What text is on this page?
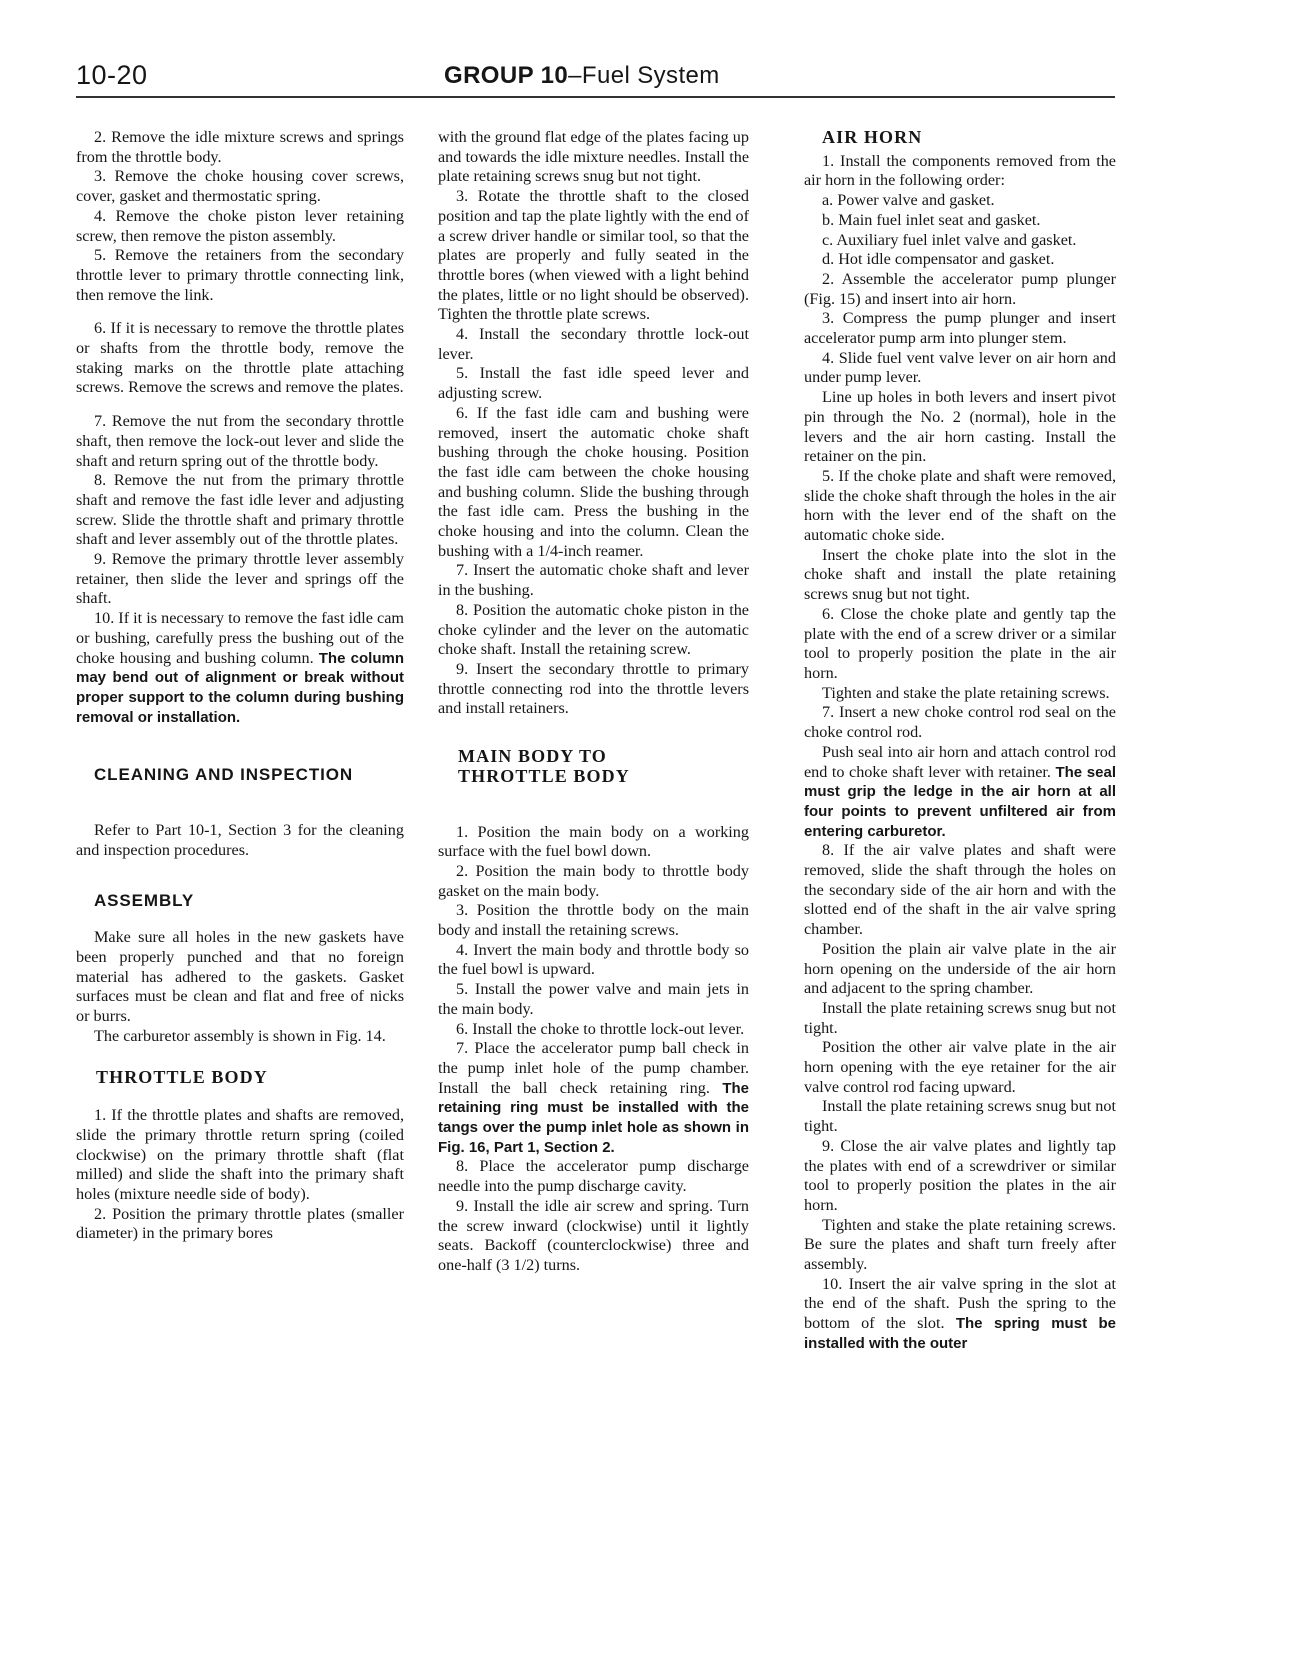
10-20	GROUP 10–Fuel System

2. Remove the idle mixture screws and springs from the throttle body.

3. Remove the choke housing cover screws, cover, gasket and thermostatic spring.

4. Remove the choke piston lever retaining screw, then remove the piston assembly.

5. Remove the retainers from the secondary throttle lever to primary throttle connecting link, then remove the link.

6. If it is necessary to remove the throttle plates or shafts from the throttle body, remove the staking marks on the throttle plate attaching screws. Remove the screws and remove the plates.

7. Remove the nut from the secondary throttle shaft, then remove the lock-out lever and slide the shaft and return spring out of the throttle body.

8. Remove the nut from the primary throttle shaft and remove the fast idle lever and adjusting screw. Slide the throttle shaft and primary throttle shaft and lever assembly out of the throttle plates.

9. Remove the primary throttle lever assembly retainer, then slide the lever and springs off the shaft.

10. If it is necessary to remove the fast idle cam or bushing, carefully press the bushing out of the choke housing and bushing column. The column may bend out of alignment or break without proper support to the column during bushing removal or installation.

CLEANING AND INSPECTION

Refer to Part 10-1, Section 3 for the cleaning and inspection procedures.

ASSEMBLY

Make sure all holes in the new gaskets have been properly punched and that no foreign material has adhered to the gaskets. Gasket surfaces must be clean and flat and free of nicks or burrs.

The carburetor assembly is shown in Fig. 14.

THROTTLE BODY

1. If the throttle plates and shafts are removed, slide the primary throttle return spring (coiled clockwise) on the primary throttle shaft (flat milled) and slide the shaft into the primary shaft holes (mixture needle side of body).

2. Position the primary throttle plates (smaller diameter) in the primary bores

with the ground flat edge of the plates facing up and towards the idle mixture needles. Install the plate retaining screws snug but not tight.

3. Rotate the throttle shaft to the closed position and tap the plate lightly with the end of a screw driver handle or similar tool, so that the plates are properly and fully seated in the throttle bores (when viewed with a light behind the plates, little or no light should be observed). Tighten the throttle plate screws.

4. Install the secondary throttle lock-out lever.

5. Install the fast idle speed lever and adjusting screw.

6. If the fast idle cam and bushing were removed, insert the automatic choke shaft bushing through the choke housing. Position the fast idle cam between the choke housing and bushing column. Slide the bushing through the fast idle cam. Press the bushing in the choke housing and into the column. Clean the bushing with a 1/4-inch reamer.

7. Insert the automatic choke shaft and lever in the bushing.

8. Position the automatic choke piston in the choke cylinder and the lever on the automatic choke shaft. Install the retaining screw.

9. Insert the secondary throttle to primary throttle connecting rod into the throttle levers and install retainers.

MAIN BODY TO

THROTTLE BODY

1. Position the main body on a working surface with the fuel bowl down.

2. Position the main body to throttle body gasket on the main body.

3. Position the throttle body on the main body and install the retaining screws.

4. Invert the main body and throttle body so the fuel bowl is upward.

5. Install the power valve and main jets in the main body.

6. Install the choke to throttle lock-out lever.

7. Place the accelerator pump ball check in the pump inlet hole of the pump chamber. Install the ball check retaining ring. The retaining ring must be installed with the tangs over the pump inlet hole as shown in Fig. 16, Part 1, Section 2.

8. Place the accelerator pump discharge needle into the pump discharge cavity.

9. Install the idle air screw and spring. Turn the screw inward (clockwise) until it lightly seats. Backoff (counterclockwise) three and one-half (3 1/2) turns.

AIR HORN

1. Install the components removed from the air horn in the following order:

a. Power valve and gasket.

b. Main fuel inlet seat and gasket.

c. Auxiliary fuel inlet valve and gasket.

d. Hot idle compensator and gasket.

2. Assemble the accelerator pump plunger (Fig. 15) and insert into air horn.

3. Compress the pump plunger and insert accelerator pump arm into plunger stem.

4. Slide fuel vent valve lever on air horn and under pump lever.

Line up holes in both levers and insert pivot pin through the No. 2 (normal), hole in the levers and the air horn casting. Install the retainer on the pin.

5. If the choke plate and shaft were removed, slide the choke shaft through the holes in the air horn with the lever end of the shaft on the automatic choke side.

Insert the choke plate into the slot in the choke shaft and install the plate retaining screws snug but not tight.

6. Close the choke plate and gently tap the plate with the end of a screw driver or a similar tool to properly position the plate in the air horn.

Tighten and stake the plate retaining screws.

7. Insert a new choke control rod seal on the choke control rod.

Push seal into air horn and attach control rod end to choke shaft lever with retainer. The seal must grip the ledge in the air horn at all four points to prevent unfiltered air from entering carburetor.

8. If the air valve plates and shaft were removed, slide the shaft through the holes on the secondary side of the air horn and with the slotted end of the shaft in the air valve spring chamber.

Position the plain air valve plate in the air horn opening on the underside of the air horn and adjacent to the spring chamber.

Install the plate retaining screws snug but not tight.

Position the other air valve plate in the air horn opening with the eye retainer for the air valve control rod facing upward.

Install the plate retaining screws snug but not tight.

9. Close the air valve plates and lightly tap the plates with end of a screwdriver or similar tool to properly position the plates in the air horn.

Tighten and stake the plate retaining screws. Be sure the plates and shaft turn freely after assembly.

10. Insert the air valve spring in the slot at the end of the shaft. Push the spring to the bottom of the slot. The spring must be installed with the outer
